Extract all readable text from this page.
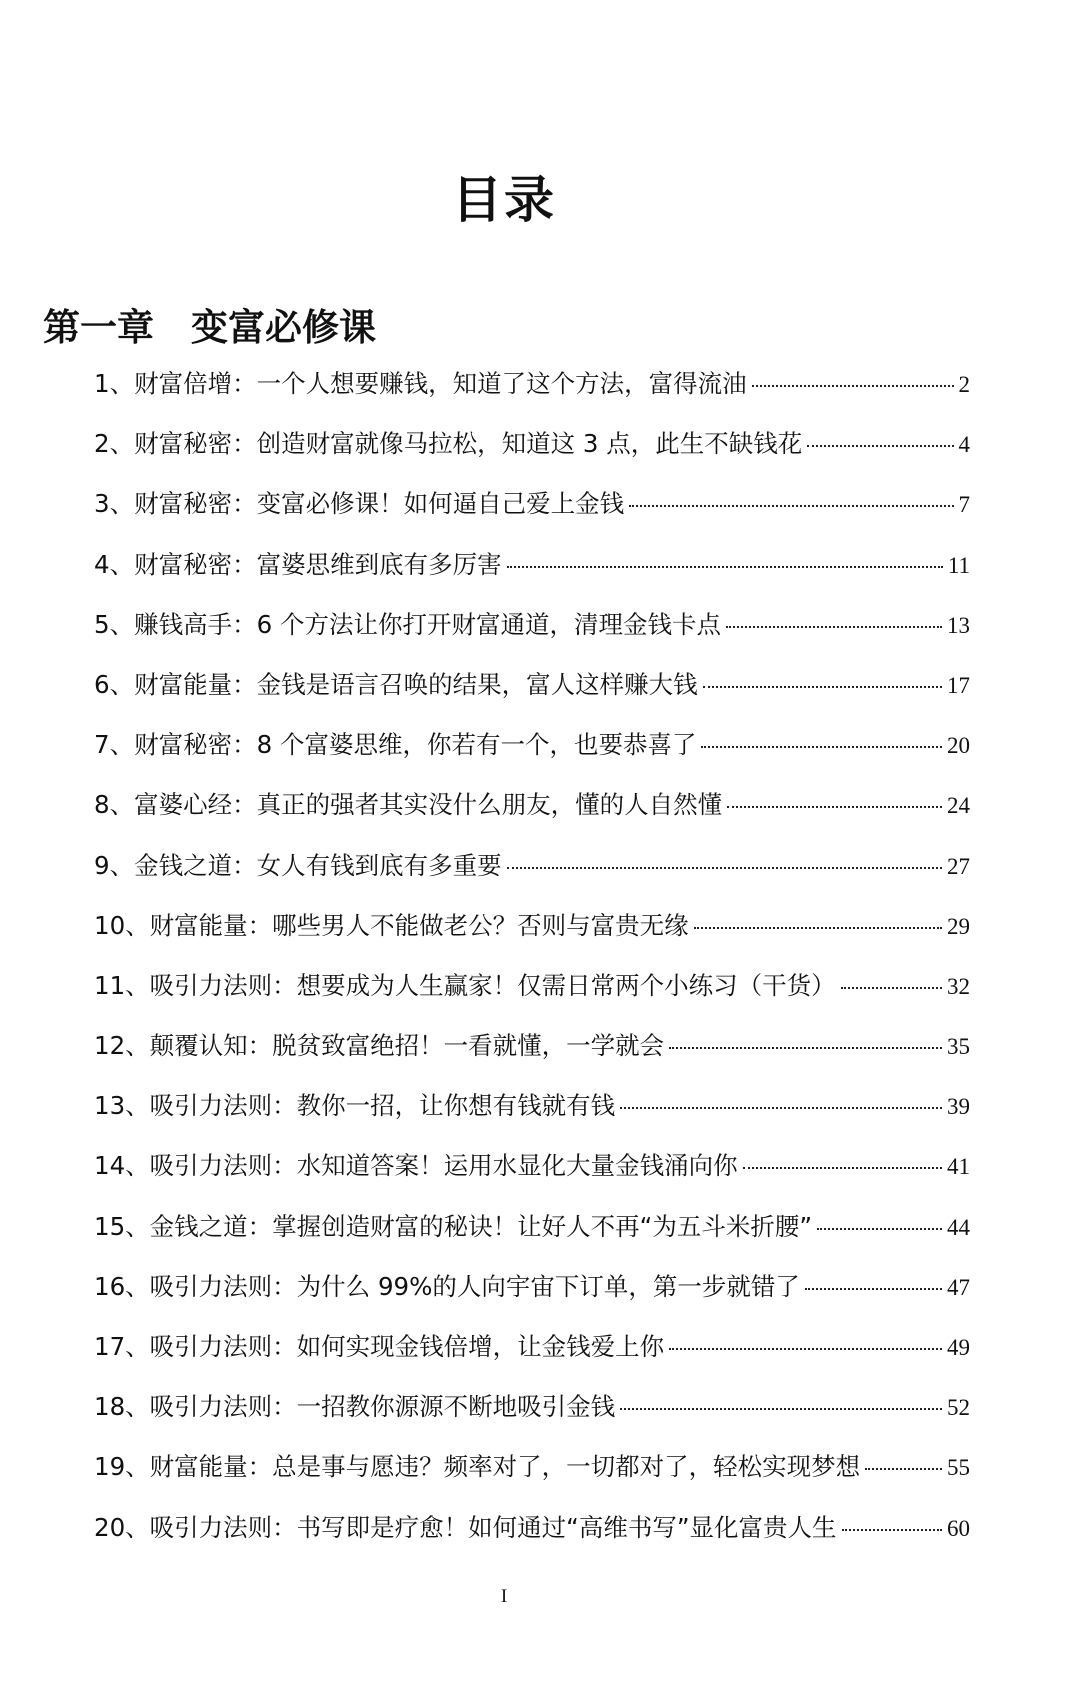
目录
第一章　变富必修课
1、财富倍增：一个人想要赚钱，知道了这个方法，富得流油	2
2、财富秘密：创造财富就像马拉松，知道这 3 点，此生不缺钱花	4
3、财富秘密：变富必修课！如何逼自己爱上金钱	7
4、财富秘密：富婆思维到底有多厉害	11
5、赚钱高手：6 个方法让你打开财富通道，清理金钱卡点	13
6、财富能量：金钱是语言召唤的结果，富人这样赚大钱	17
7、财富秘密：8 个富婆思维，你若有一个，也要恭喜了	20
8、富婆心经：真正的强者其实没什么朋友，懂的人自然懂	24
9、金钱之道：女人有钱到底有多重要	27
10、财富能量：哪些男人不能做老公？否则与富贵无缘	29
11、吸引力法则：想要成为人生赢家！仅需日常两个小练习（干货）	32
12、颠覆认知：脱贫致富绝招！一看就懂，一学就会	35
13、吸引力法则：教你一招，让你想有钱就有钱	39
14、吸引力法则：水知道答案！运用水显化大量金钱涌向你	41
15、金钱之道：掌握创造财富的秘诀！让好人不再“为五斗米折腰”	44
16、吸引力法则：为什么 99%的人向宇宙下订单，第一步就错了	47
17、吸引力法则：如何实现金钱倍增，让金钱爱上你	49
18、吸引力法则：一招教你源源不断地吸引金钱	52
19、财富能量：总是事与愿违？频率对了，一切都对了，轻松实现梦想	55
20、吸引力法则：书写即是疗愈！如何通过“高维书写”显化富贵人生	60
I
